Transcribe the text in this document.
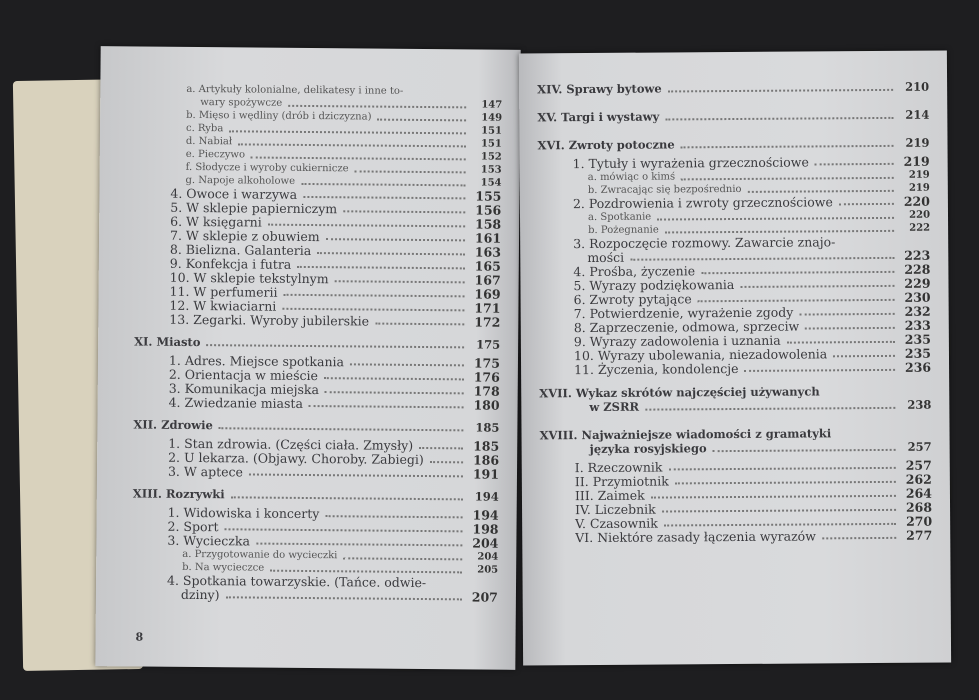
8
a. Artykuły kolonialne, delikatesy i inne to-
wary spożywcze	147
b. Mięso i wędliny (drób i dziczyzna)	149
c. Ryba	151
d. Nabiał	151
e. Pieczywo	152
f. Słodycze i wyroby cukiernicze	153
g. Napoje alkoholowe	154
4. Owoce i warzywa	155
5. W sklepie papierniczym	156
6. W księgarni	158
7. W sklepie z obuwiem	161
8. Bielizna. Galanteria	163
9. Konfekcja i futra	165
10. W sklepie tekstylnym	167
11. W perfumerii	169
12. W kwiaciarni	171
13. Zegarki. Wyroby jubilerskie	172
XI. Miasto	175
1. Adres. Miejsce spotkania	175
2. Orientacja w mieście	176
3. Komunikacja miejska	178
4. Zwiedzanie miasta	180
XII. Zdrowie	185
1. Stan zdrowia. (Części ciała. Zmysły)	185
2. U lekarza. (Objawy. Choroby. Zabiegi)	186
3. W aptece	191
XIII. Rozrywki	194
1. Widowiska i koncerty	194
2. Sport	198
3. Wycieczka	204
a. Przygotowanie do wycieczki	204
b. Na wycieczce	205
4. Spotkania towarzyskie. (Tańce. odwie-
dziny)	207
XIV. Sprawy bytowe	210
XV. Targi i wystawy	214
XVI. Zwroty potoczne	219
1. Tytuły i wyrażenia grzecznościowe	219
a. mówiąc o kimś	219
b. Zwracając się bezpośrednio	219
2. Pozdrowienia i zwroty grzecznościowe	220
a. Spotkanie	220
b. Pożegnanie	222
3. Rozpoczęcie rozmowy. Zawarcie znajo-
mości	223
4. Prośba, życzenie	228
5. Wyrazy podziękowania	229
6. Zwroty pytające	230
7. Potwierdzenie, wyrażenie zgody	232
8. Zaprzeczenie, odmowa, sprzeciw	233
9. Wyrazy zadowolenia i uznania	235
10. Wyrazy ubolewania, niezadowolenia	235
11. Życzenia, kondolencje	236
XVII. Wykaz skrótów najczęściej używanych
w ZSRR	238
XVIII. Najważniejsze wiadomości z gramatyki
języka rosyjskiego	257
I. Rzeczownik	257
II. Przymiotnik	262
III. Zaimek	264
IV. Liczebnik	268
V. Czasownik	270
VI. Niektóre zasady łączenia wyrazów	277
